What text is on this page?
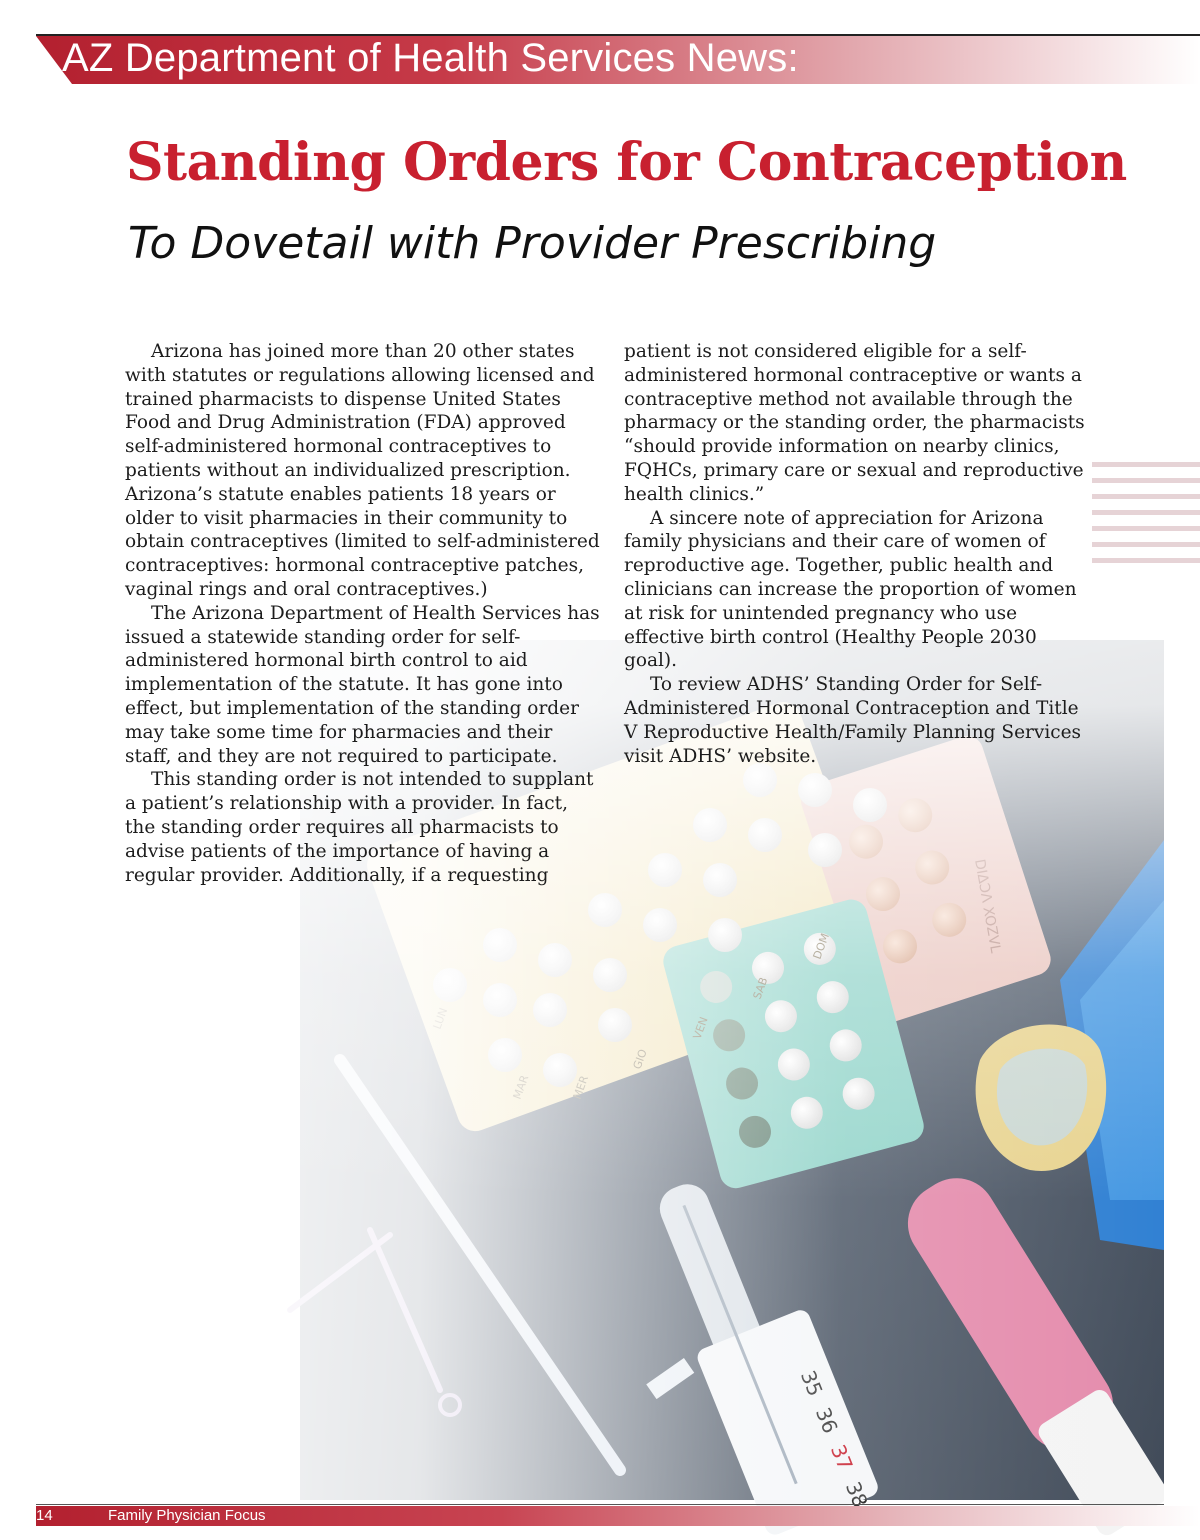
AZ Department of Health Services News:
Standing Orders for Contraception
To Dovetail with Provider Prescribing

Arizona has joined more than 20 other states with statutes or regulations allowing licensed and trained pharmacists to dispense United States Food and Drug Administration (FDA) approved self-administered hormonal contraceptives to patients without an individualized prescription. Arizona’s statute enables patients 18 years or older to visit pharmacies in their community to obtain contraceptives (limited to self-administered contraceptives: hormonal contraceptive patches, vaginal rings and oral contraceptives.)

The Arizona Department of Health Services has issued a statewide standing order for self-administered hormonal birth control to aid implementation of the statute. It has gone into effect, but implementation of the standing order may take some time for pharmacies and their staff, and they are not required to participate.

This standing order is not intended to supplant a patient’s relationship with a provider. In fact, the standing order requires all pharmacists to advise patients of the importance of having a regular provider. Additionally, if a requesting

patient is not considered eligible for a self-administered hormonal contraceptive or wants a contraceptive method not available through the pharmacy or the standing order, the pharmacists “should provide information on nearby clinics, FQHCs, primary care or sexual and reproductive health clinics.”

A sincere note of appreciation for Arizona family physicians and their care of women of reproductive age. Together, public health and clinicians can increase the proportion of women at risk for unintended pregnancy who use effective birth control (Healthy People 2030 goal).

To review ADHS’ Standing Order for Self-Administered Hormonal Contraception and Title V Reproductive Health/Family Planning Services visit ADHS’ website.

14	Family Physician Focus
